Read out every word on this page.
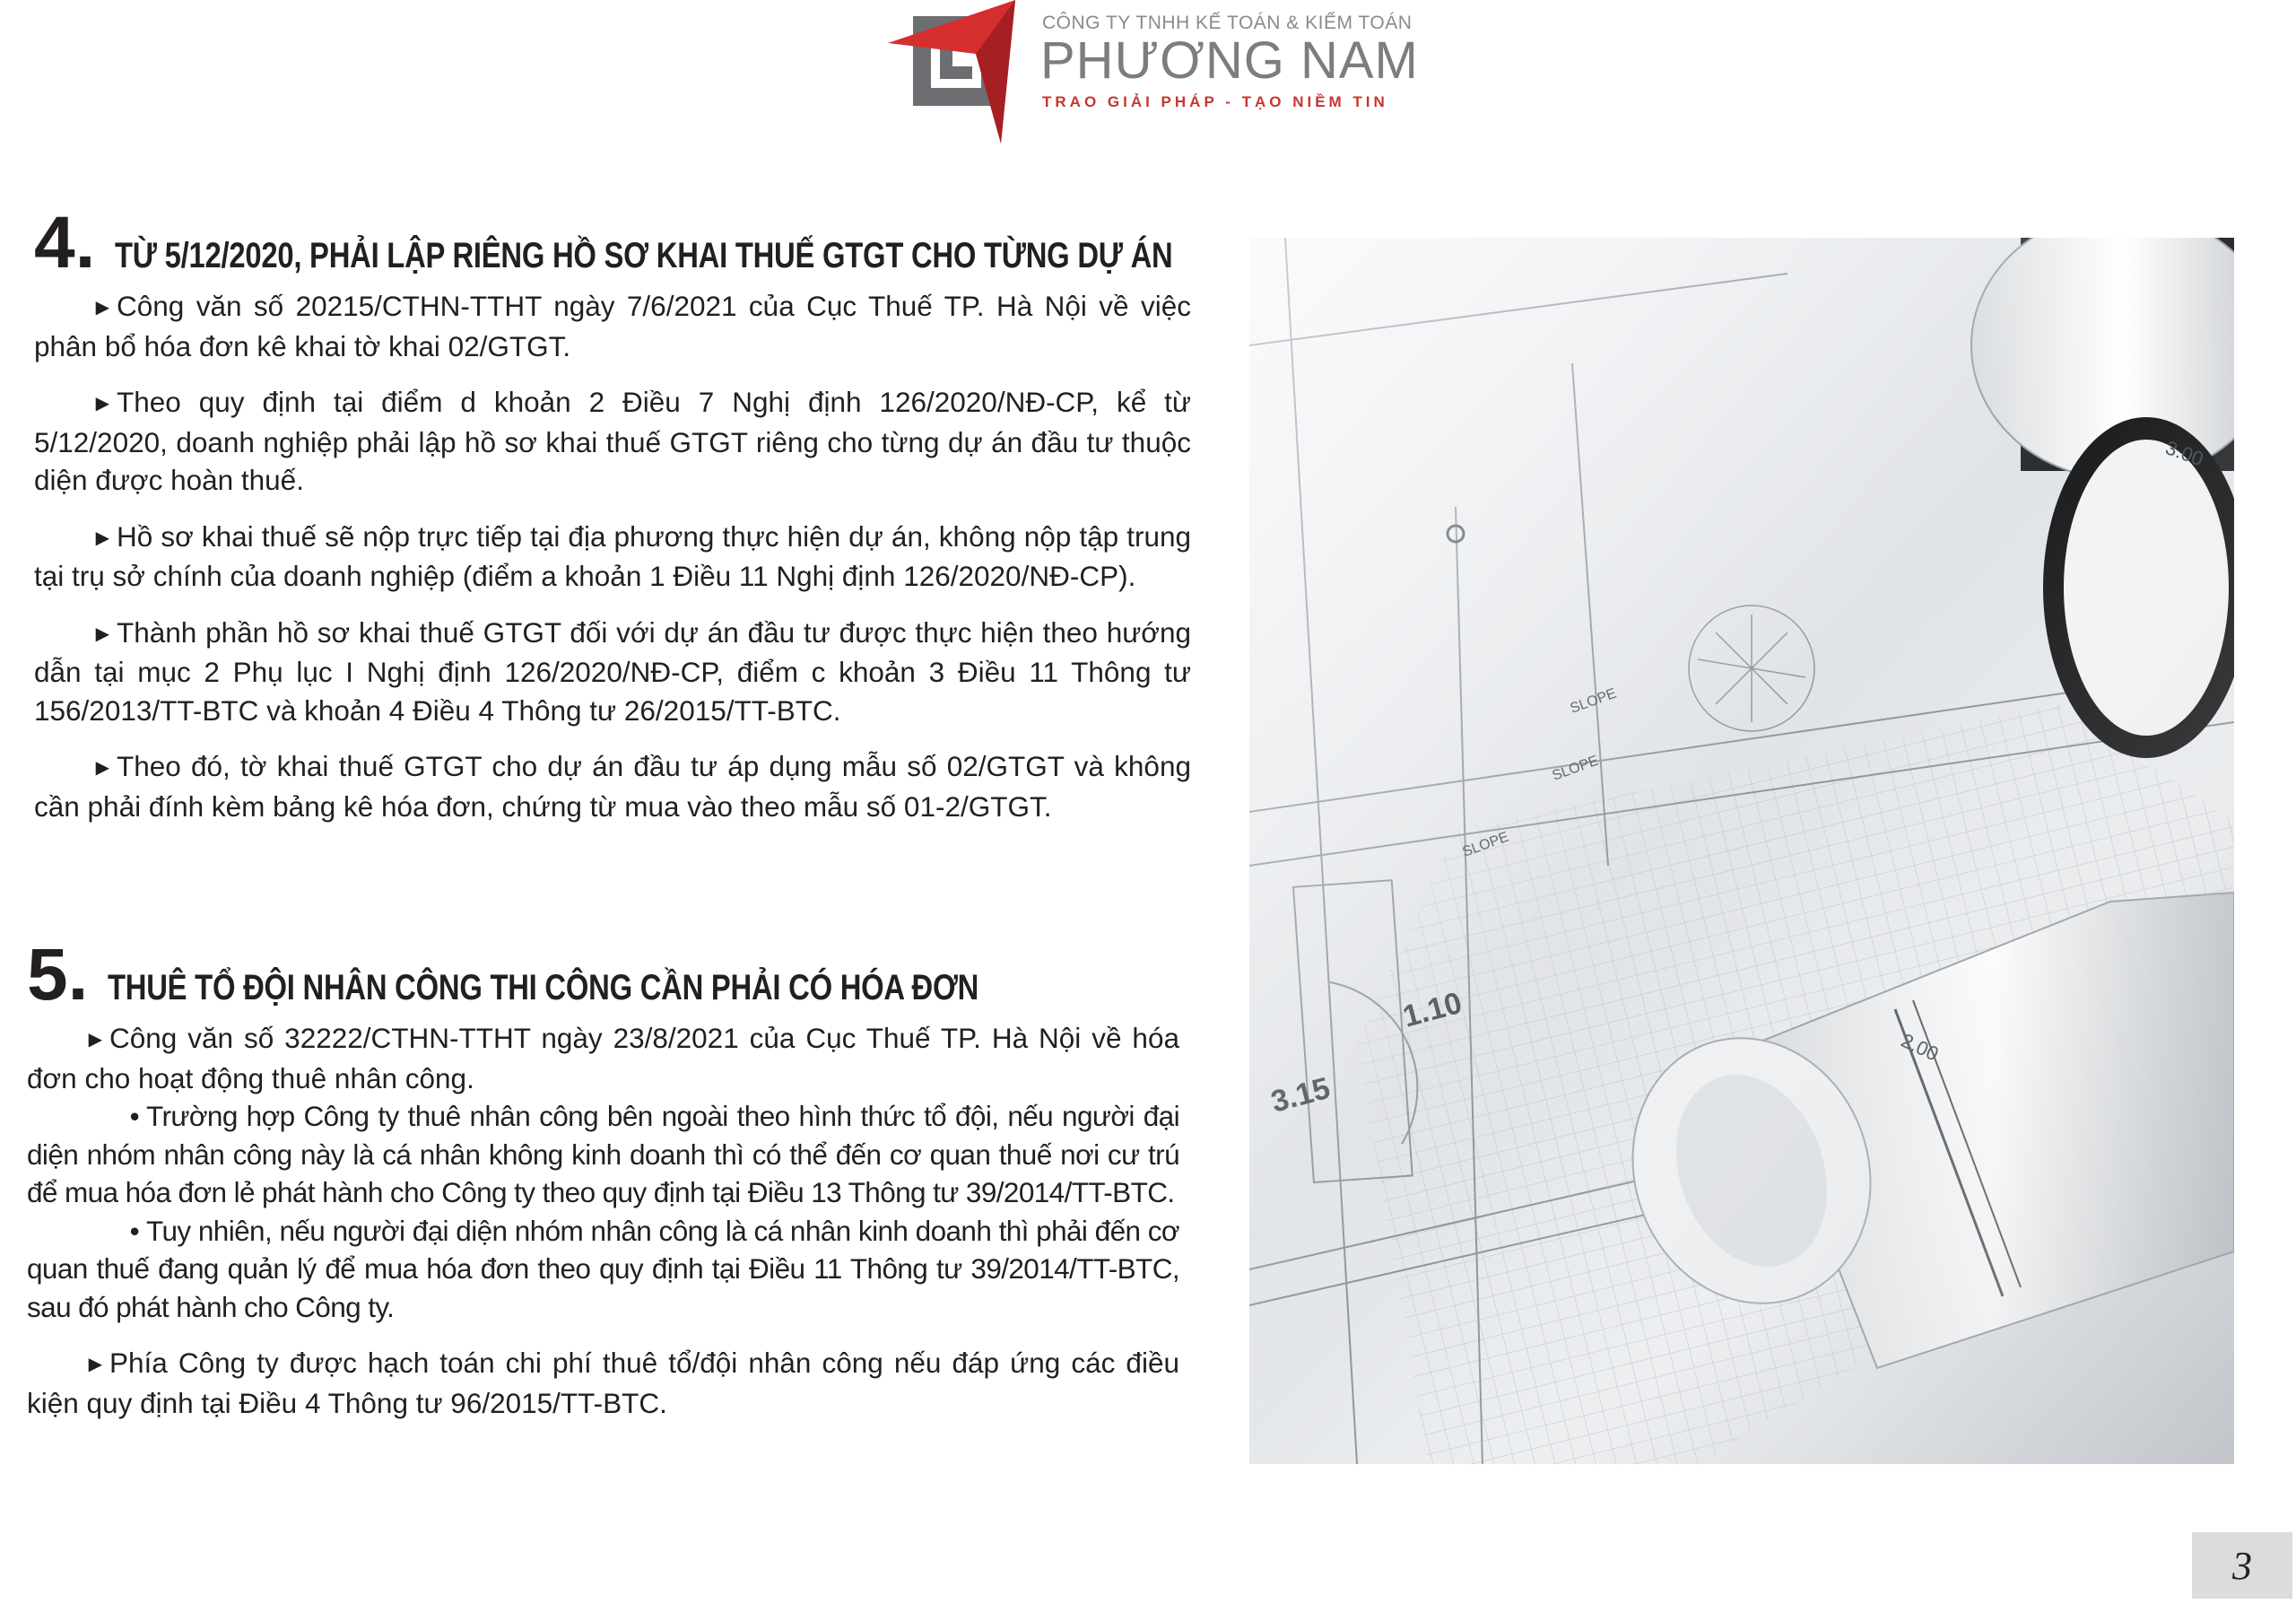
CÔNG TY TNHH KẾ TOÁN & KIỂM TOÁN
PHƯƠNG NAM
TRAO GIẢI PHÁP - TẠO NIỀM TIN
4. TỪ 5/12/2020, PHẢI LẬP RIÊNG HỒ SƠ KHAI THUẾ GTGT CHO TỪNG DỰ ÁN

▶ Công văn số 20215/CTHN-TTHT ngày 7/6/2021 của Cục Thuế TP. Hà Nội về việc phân bổ hóa đơn kê khai tờ khai 02/GTGT.

▶ Theo quy định tại điểm d khoản 2 Điều 7 Nghị định 126/2020/NĐ-CP, kể từ 5/12/2020, doanh nghiệp phải lập hồ sơ khai thuế GTGT riêng cho từng dự án đầu tư thuộc diện được hoàn thuế.

▶ Hồ sơ khai thuế sẽ nộp trực tiếp tại địa phương thực hiện dự án, không nộp tập trung tại trụ sở chính của doanh nghiệp (điểm a khoản 1 Điều 11 Nghị định 126/2020/NĐ-CP).

▶ Thành phần hồ sơ khai thuế GTGT đối với dự án đầu tư được thực hiện theo hướng dẫn tại mục 2 Phụ lục I Nghị định 126/2020/NĐ-CP, điểm c khoản 3 Điều 11 Thông tư 156/2013/TT-BTC và khoản 4 Điều 4 Thông tư 26/2015/TT-BTC.

▶ Theo đó, tờ khai thuế GTGT cho dự án đầu tư áp dụng mẫu số 02/GTGT và không cần phải đính kèm bảng kê hóa đơn, chứng từ mua vào theo mẫu số 01-2/GTGT.

5. THUÊ TỔ ĐỘI NHÂN CÔNG THI CÔNG CẦN PHẢI CÓ HÓA ĐƠN

▶ Công văn số 32222/CTHN-TTHT ngày 23/8/2021 của Cục Thuế TP. Hà Nội về hóa đơn cho hoạt động thuê nhân công.

• Trường hợp Công ty thuê nhân công bên ngoài theo hình thức tổ đội, nếu người đại diện nhóm nhân công này là cá nhân không kinh doanh thì có thể đến cơ quan thuế nơi cư trú để mua hóa đơn lẻ phát hành cho Công ty theo quy định tại Điều 13 Thông tư 39/2014/TT-BTC.

• Tuy nhiên, nếu người đại diện nhóm nhân công là cá nhân kinh doanh thì phải đến cơ quan thuế đang quản lý để mua hóa đơn theo quy định tại Điều 11 Thông tư 39/2014/TT-BTC, sau đó phát hành cho Công ty.

▶ Phía Công ty được hạch toán chi phí thuê tổ/đội nhân công nếu đáp ứng các điều kiện quy định tại Điều 4 Thông tư 96/2015/TT-BTC.

3
